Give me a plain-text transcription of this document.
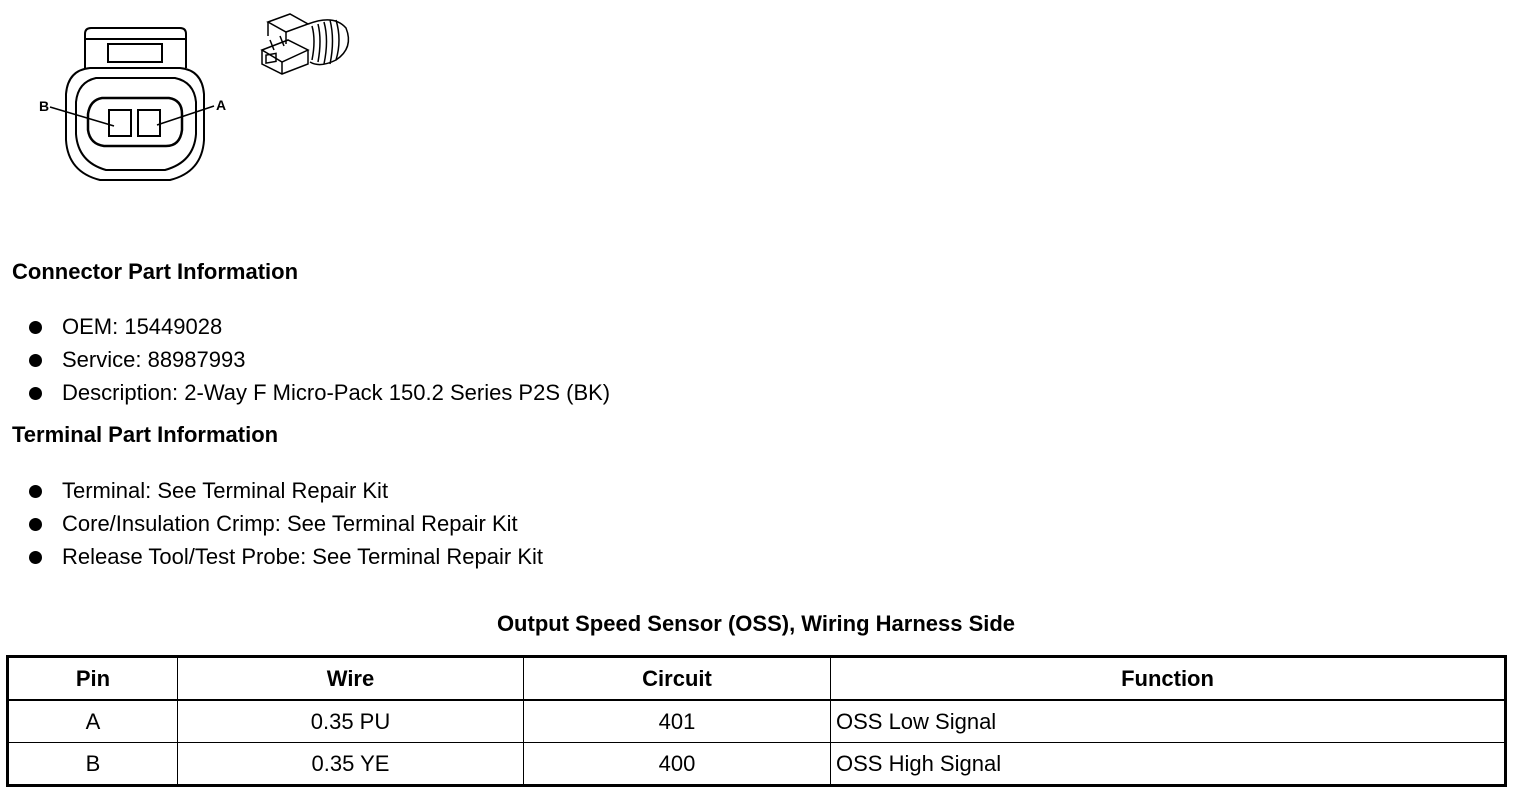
B	A
Connector Part Information
OEM: 15449028
Service: 88987993
Description: 2-Way F Micro-Pack 150.2 Series P2S (BK)
Terminal Part Information
Terminal: See Terminal Repair Kit
Core/Insulation Crimp: See Terminal Repair Kit
Release Tool/Test Probe: See Terminal Repair Kit
Output Speed Sensor (OSS), Wiring Harness Side
Pin	Wire	Circuit	Function
A	0.35 PU	401	OSS Low Signal
B	0.35 YE	400	OSS High Signal
